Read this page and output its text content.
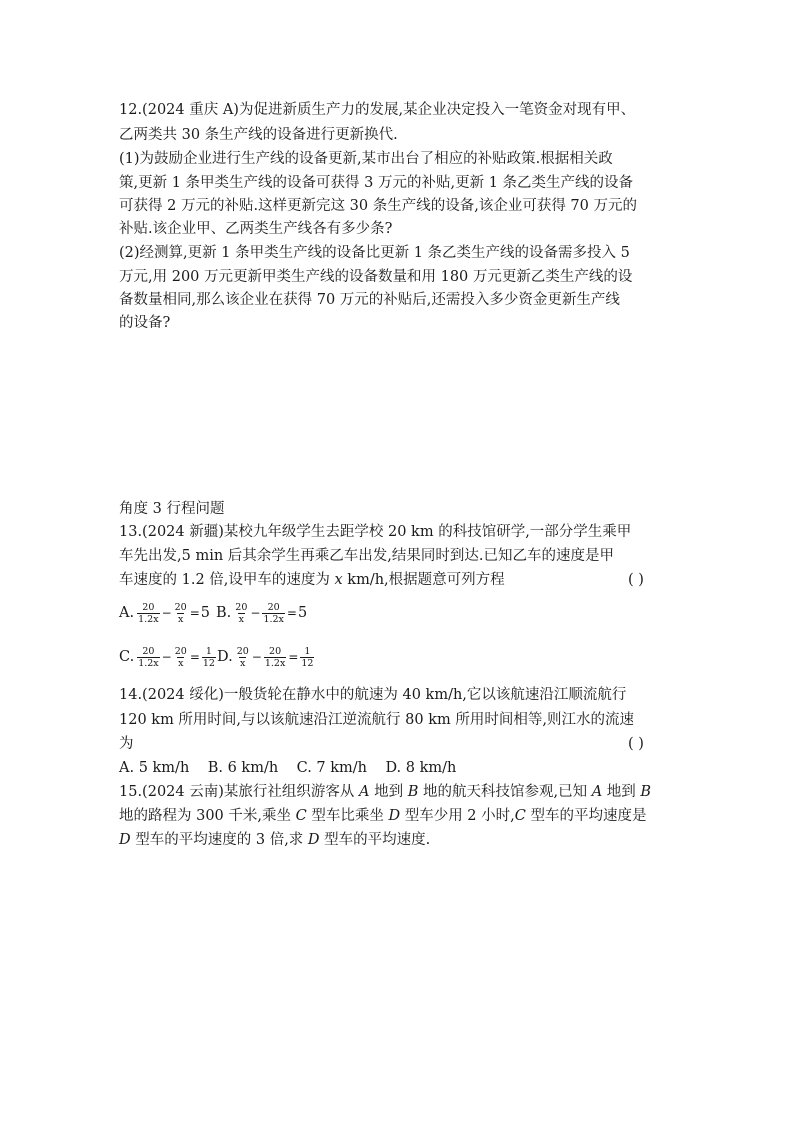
12.(2024 重庆 A)为促进新质生产力的发展,某企业决定投入一笔资金对现有甲、

乙两类共 30 条生产线的设备进行更新换代.

(1)为鼓励企业进行生产线的设备更新,某市出台了相应的补贴政策.根据相关政

策,更新 1 条甲类生产线的设备可获得 3 万元的补贴,更新 1 条乙类生产线的设备

可获得 2 万元的补贴.这样更新完这 30 条生产线的设备,该企业可获得 70 万元的

补贴.该企业甲、乙两类生产线各有多少条?

(2)经测算,更新 1 条甲类生产线的设备比更新 1 条乙类生产线的设备需多投入 5

万元,用 200 万元更新甲类生产线的设备数量和用 180 万元更新乙类生产线的设

备数量相同,那么该企业在获得 70 万元的补贴后,还需投入多少资金更新生产线

的设备?

角度 3 行程问题

13.(2024 新疆)某校九年级学生去距学校 20 km 的科技馆研学,一部分学生乘甲

车先出发,5 min 后其余学生再乘乙车出发,结果同时到达.已知乙车的速度是甲

车速度的 1.2 倍,设甲车的速度为 x km/h,根据题意可列方程	( )
A. $\frac{20}{1.2x} - \frac{20}{x} = 5$ B. $\frac{20}{x} - \frac{20}{1.2x} = 5$
C. $\frac{20}{1.2x} - \frac{20}{x} = \frac{1}{12} D$. $\frac{20}{x} - \frac{20}{1.2x} = \frac{1}{12}$

14.(2024 绥化)一般货轮在静水中的航速为 40 km/h,它以该航速沿江顺流航行

120 km 所用时间,与以该航速沿江逆流航行 80 km 所用时间相等,则江水的流速

为	( )

A. 5 km/h    B. 6 km/h    C. 7 km/h    D. 8 km/h

15.(2024 云南)某旅行社组织游客从 A 地到 B 地的航天科技馆参观,已知 A 地到 B

地的路程为 300 千米,乘坐 C 型车比乘坐 D 型车少用 2 小时,C 型车的平均速度是

D 型车的平均速度的 3 倍,求 D 型车的平均速度.
